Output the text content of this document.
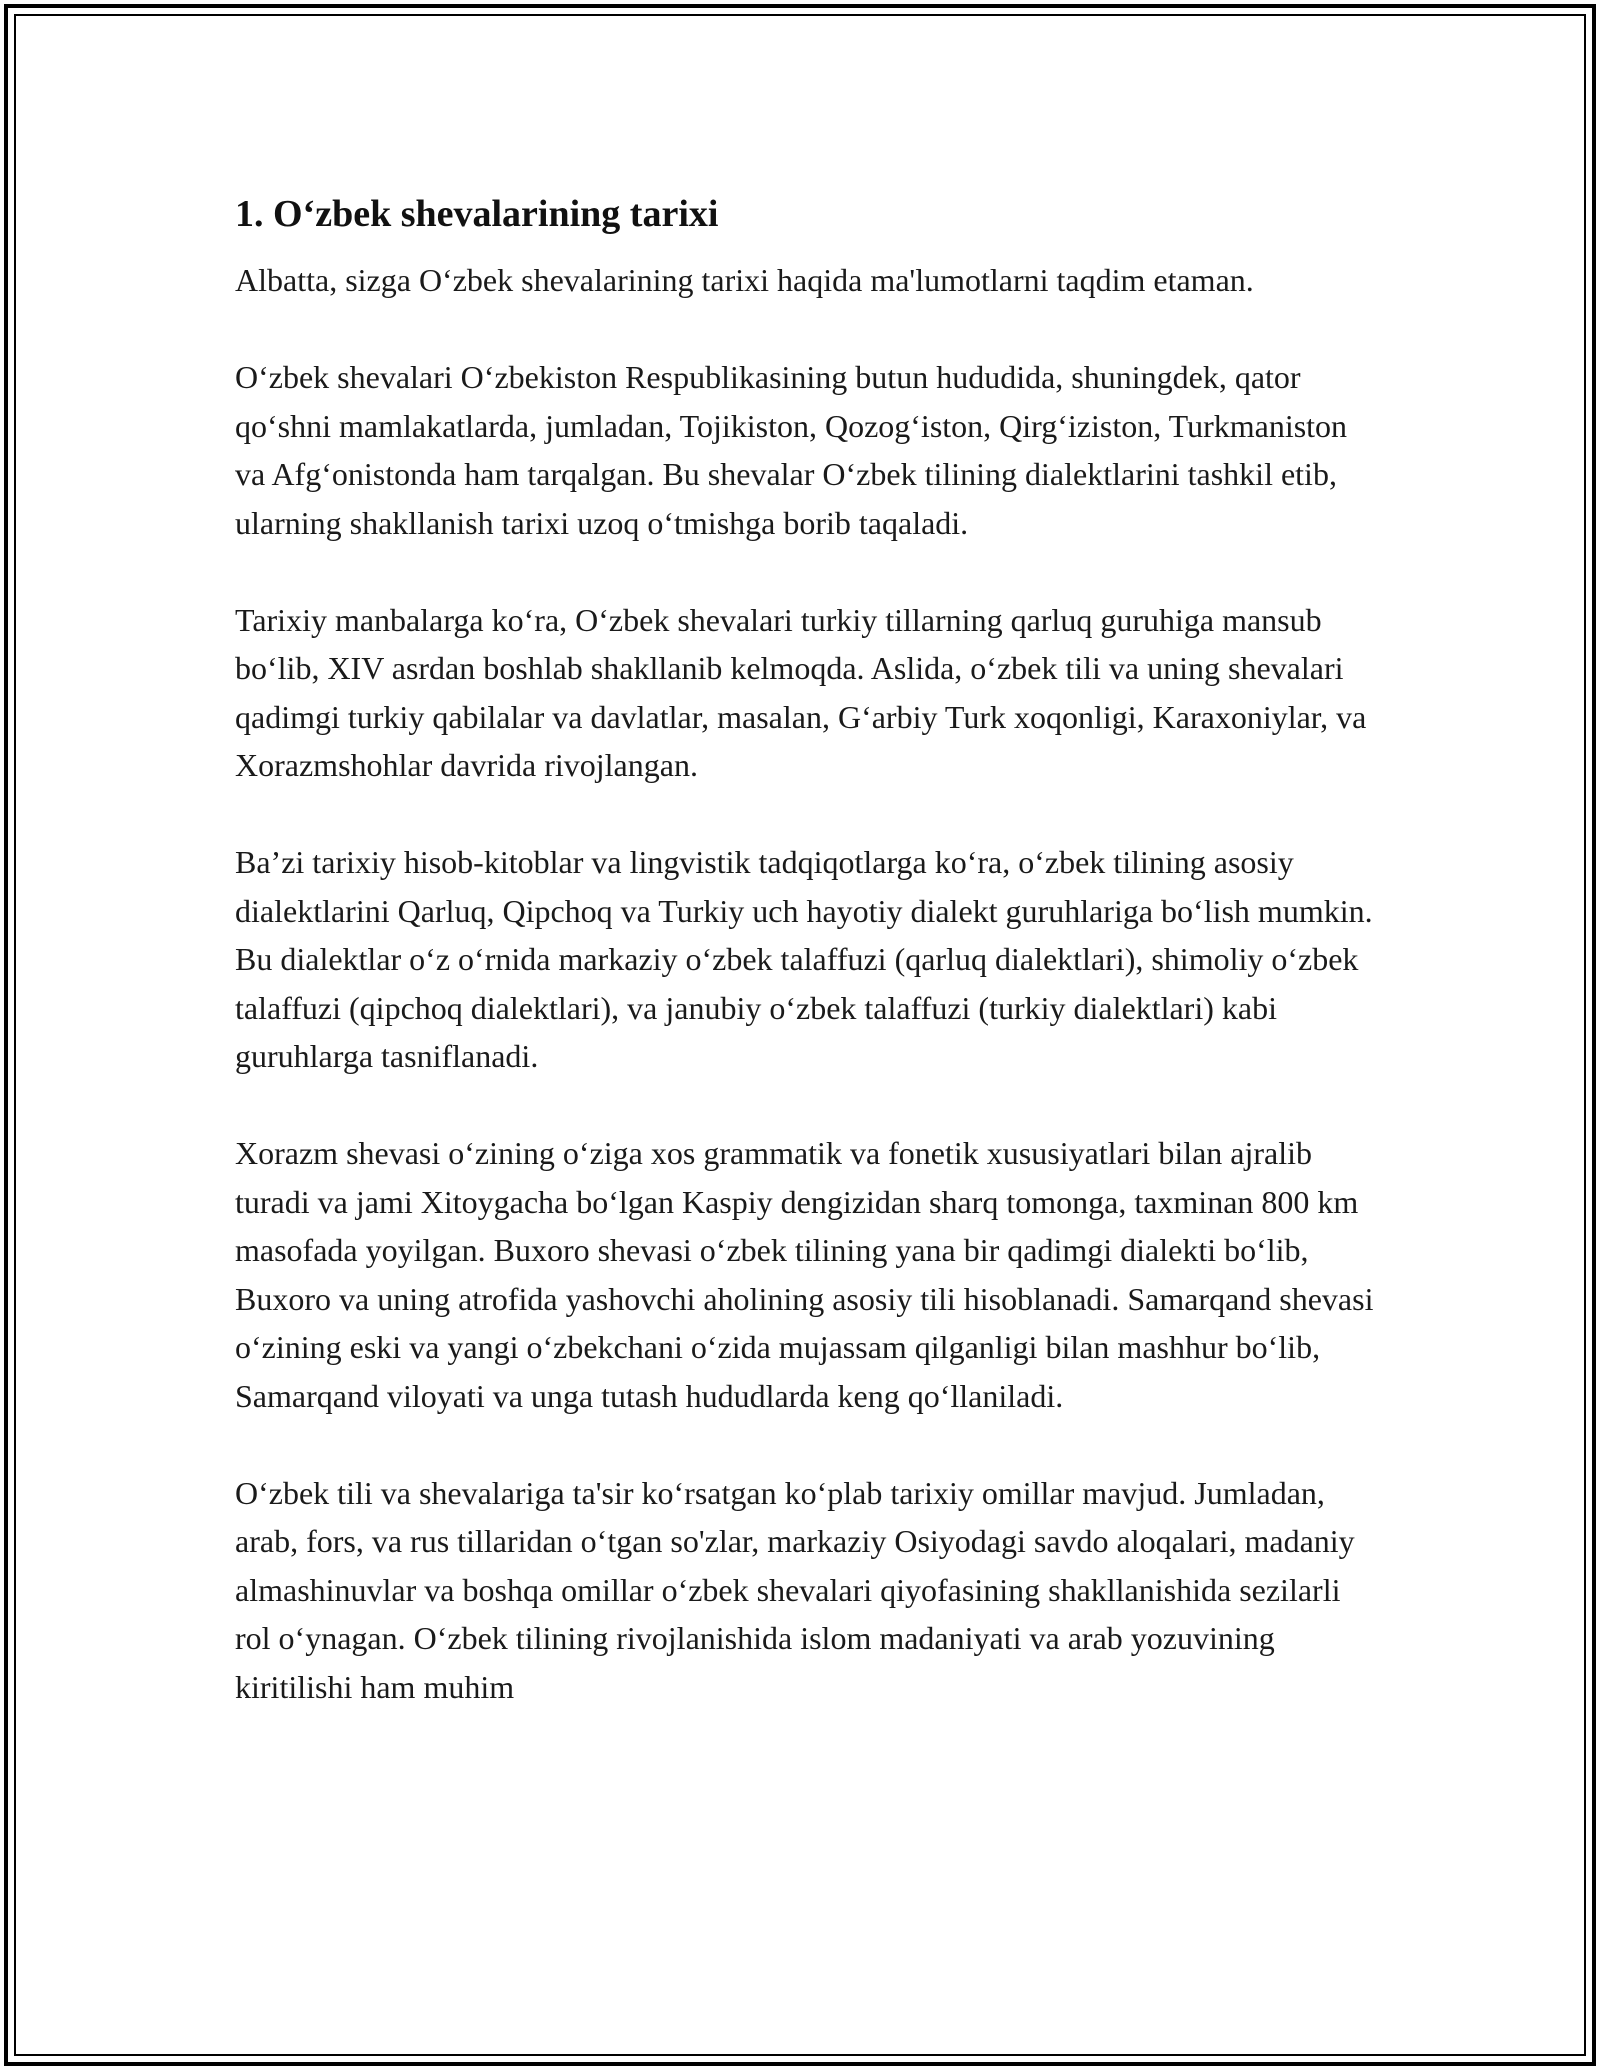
1. O‘zbek shevalarining tarixi

Albatta, sizga O‘zbek shevalarining tarixi haqida ma'lumotlarni taqdim etaman.

O‘zbek shevalari O‘zbekiston Respublikasining butun hududida, shuningdek, qator qo‘shni mamlakatlarda, jumladan, Tojikiston, Qozog‘iston, Qirg‘iziston, Turkmaniston va Afg‘onistonda ham tarqalgan. Bu shevalar O‘zbek tilining dialektlarini tashkil etib, ularning shakllanish tarixi uzoq o‘tmishga borib taqaladi.

Tarixiy manbalarga ko‘ra, O‘zbek shevalari turkiy tillarning qarluq guruhiga mansub bo‘lib, XIV asrdan boshlab shakllanib kelmoqda. Aslida, o‘zbek tili va uning shevalari qadimgi turkiy qabilalar va davlatlar, masalan, G‘arbiy Turk xoqonligi, Karaxoniylar, va Xorazmshohlar davrida rivojlangan.

Ba’zi tarixiy hisob-kitoblar va lingvistik tadqiqotlarga ko‘ra, o‘zbek tilining asosiy dialektlarini Qarluq, Qipchoq va Turkiy uch hayotiy dialekt guruhlariga bo‘lish mumkin. Bu dialektlar o‘z o‘rnida markaziy o‘zbek talaffuzi (qarluq dialektlari), shimoliy o‘zbek talaffuzi (qipchoq dialektlari), va janubiy o‘zbek talaffuzi (turkiy dialektlari) kabi guruhlarga tasniflanadi.

Xorazm shevasi o‘zining o‘ziga xos grammatik va fonetik xususiyatlari bilan ajralib turadi va jami Xitoygacha bo‘lgan Kaspiy dengizidan sharq tomonga, taxminan 800 km masofada yoyilgan. Buxoro shevasi o‘zbek tilining yana bir qadimgi dialekti bo‘lib, Buxoro va uning atrofida yashovchi aholining asosiy tili hisoblanadi. Samarqand shevasi o‘zining eski va yangi o‘zbekchani o‘zida mujassam qilganligi bilan mashhur bo‘lib, Samarqand viloyati va unga tutash hududlarda keng qo‘llaniladi.

O‘zbek tili va shevalariga ta'sir ko‘rsatgan ko‘plab tarixiy omillar mavjud. Jumladan, arab, fors, va rus tillaridan o‘tgan so'zlar, markaziy Osiyodagi savdo aloqalari, madaniy almashinuvlar va boshqa omillar o‘zbek shevalari qiyofasining shakllanishida sezilarli rol o‘ynagan. O‘zbek tilining rivojlanishida islom madaniyati va arab yozuvining kiritilishi ham muhim
